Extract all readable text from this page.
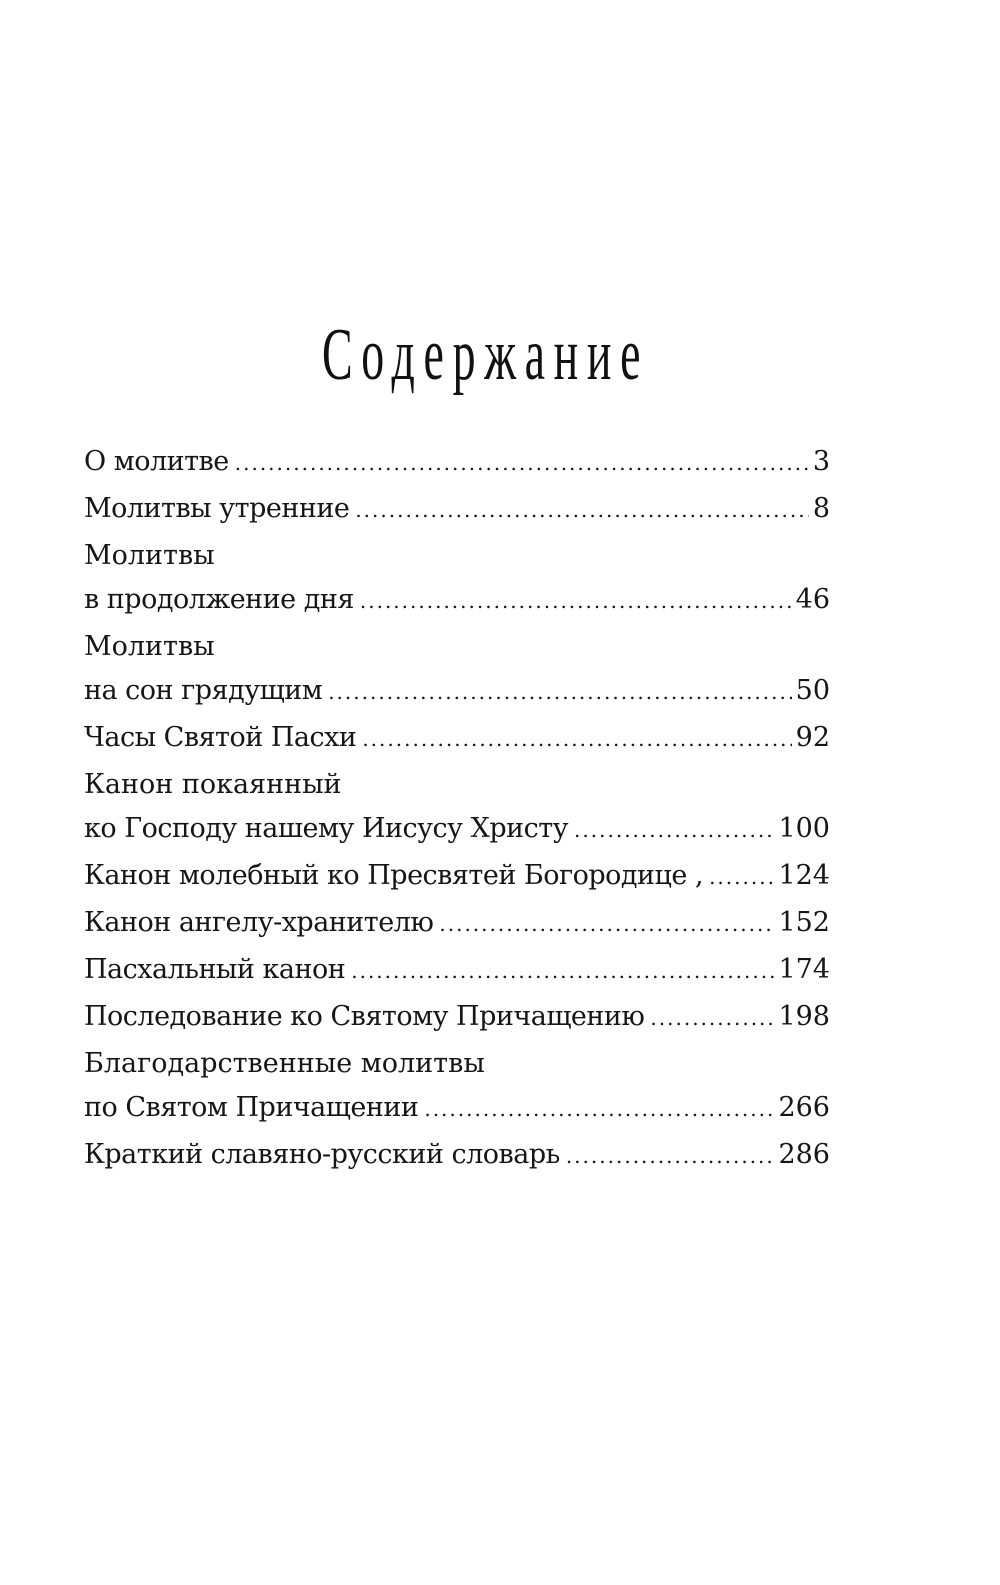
Содержание
О молитве .....	3
Молитвы утренние .....	8
Молитвы
в продолжение дня .....	46
Молитвы
на сон грядущим .....	50
Часы Святой Пасхи .....	92
Канон покаянный
ко Господу нашему Иисусу Христу .....	100
Канон молебный ко Пресвятей Богородице , .....	124
Канон ангелу-хранителю .....	152
Пасхальный канон .....	174
Последование ко Святому Причащению .....	198
Благодарственные молитвы
по Святом Причащении .....	266
Краткий славяно-русский словарь .....	286
